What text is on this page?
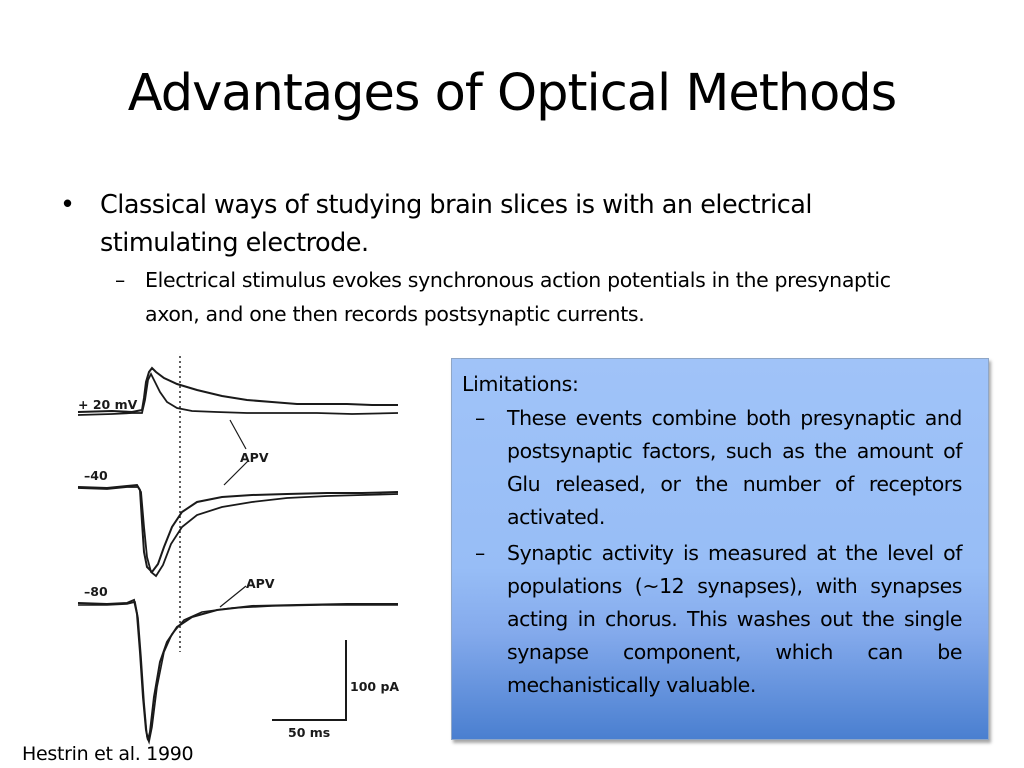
Advantages of Optical Methods
• Classical ways of studying brain slices is with an electrical stimulating electrode.
– Electrical stimulus evokes synchronous action potentials in the presynaptic axon, and one then records postsynaptic currents.
+ 20 mV
–40
–80
APV
APV
100 pA
50 ms

Hestrin et al. 1990

Limitations:

– These events combine both presynaptic and postsynaptic factors, such as the amount of Glu released, or the number of receptors activated.
– Synaptic activity is measured at the level of populations (~12 synapses), with synapses acting in chorus. This washes out the single synapse component, which can be mechanistically valuable.
